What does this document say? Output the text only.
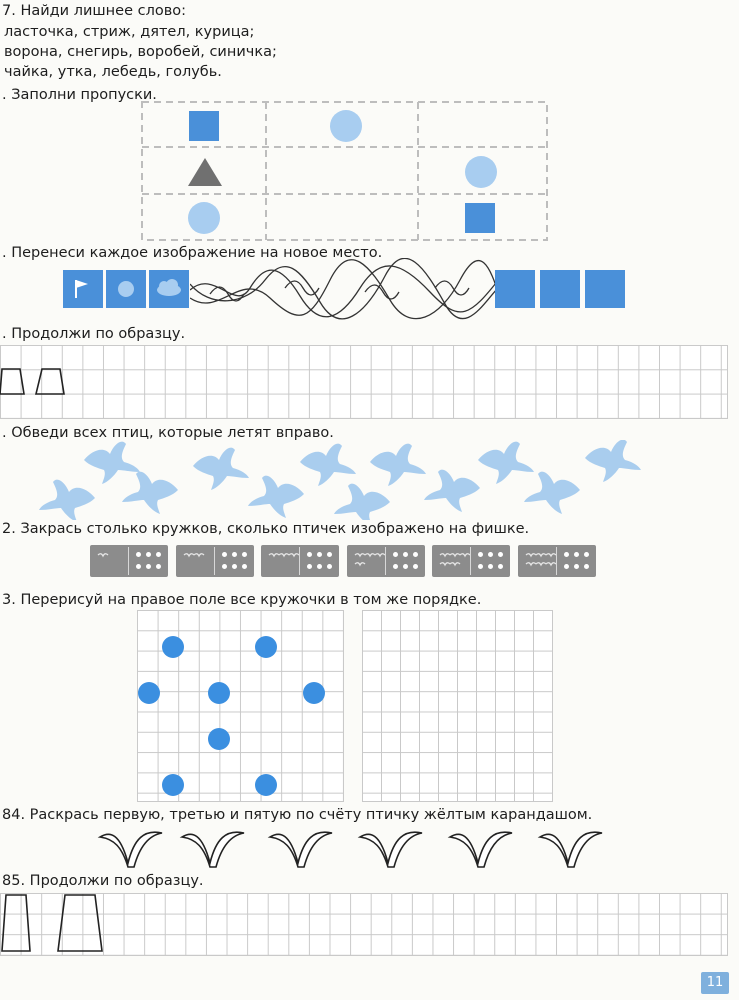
7. Найди лишнее слово:
ласточка, стриж, дятел, курица;
ворона, снегирь, воробей, синичка;
чайка, утка, лебедь, голубь.
. Заполни пропуски.
. Перенеси каждое изображение на новое место.
. Продолжи по образцу.
. Обведи всех птиц, которые летят вправо.
2. Закрась столько кружков, сколько птичек изображено на фишке.
3. Перерисуй на правое поле все кружочки в том же порядке.
84. Раскрась первую, третью и пятую по счёту птичку жёлтым карандашом.
85. Продолжи по образцу.
11
